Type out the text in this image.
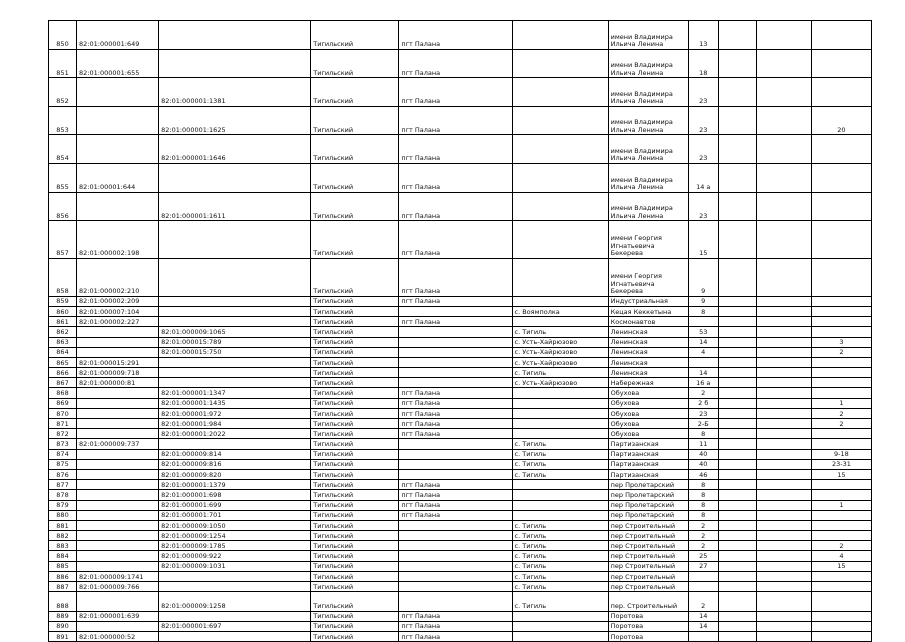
850	82:01:000001:649			Тигильский	пгт Палана		имени Владимира Ильича Ленина	13			
851	82:01:000001:655			Тигильский	пгт Палана		имени Владимира Ильича Ленина	18			
852		82:01:000001:1381		Тигильский	пгт Палана		имени Владимира Ильича Ленина	23			
853		82:01:000001:1625		Тигильский	пгт Палана		имени Владимира Ильича Ленина	23			20
854		82:01:000001:1646		Тигильский	пгт Палана		имени Владимира Ильича Ленина	23			
855	82:01:00001:644			Тигильский	пгт Палана		имени Владимира Ильича Ленина	14 а			
856		82:01:000001:1611		Тигильский	пгт Палана		имени Владимира Ильича Ленина	23			
857	82:01:000002:198			Тигильский	пгт Палана		имени Георгия Игнатьевича Бекерева	15			
858	82:01:000002:210			Тигильский	пгт Палана		имени Георгия Игнатьевича Бекерева	9			
859	82:01:000002:209			Тигильский	пгт Палана		Индустриальная	9			
860	82:01:000007:104			Тигильский		с. Воямполка	Кецая Кеккетына	8			
861	82:01:000002:227			Тигильский	пгт Палана		Космонавтов				
862		82:01:000009:1065		Тигильский		с. Тигиль	Ленинская	53			
863		82:01:000015:789		Тигильский		с. Усть-Хайрюзово	Ленинская	14			3
864		82:01:000015:750		Тигильский		с. Усть-Хайрюзово	Ленинская	4			2
865	82:01:000015:291			Тигильский		с. Усть-Хайрюзово	Ленинская				
866	82:01:000009:718			Тигильский		с. Тигиль	Ленинская	14			
867	82:01:000000:81			Тигильский		с. Усть-Хайрюзово	Набережная	16 а			
868		82:01:000001:1347		Тигильский	пгт Палана		Обухова	2			
869		82:01:000001:1435		Тигильский	пгт Палана		Обухова	2 б			1
870		82:01:000001:972		Тигильский	пгт Палана		Обухова	23			2
871		82:01:000001:984		Тигильский	пгт Палана		Обухова	2-Б			2
872		82:01:000001:2022		Тигильский	пгт Палана		Обухова	8			
873	82:01:000009:737			Тигильский		с. Тигиль	Партизанская	11			
874		82:01:000009:814		Тигильский		с. Тигиль	Партизанская	40			9-18
875		82:01:000009:816		Тигильский		с. Тигиль	Партизанская	40			23-31
876		82:01:000009:820		Тигильский		с. Тигиль	Партизанская	46			15
877		82:01:000001:1379		Тигильский	пгт Палана		пер Пролетарский	8			
878		82:01:000001:698		Тигильский	пгт Палана		пер Пролетарский	8			
879		82:01:000001:699		Тигильский	пгт Палана		пер Пролетарский	8			1
880		82:01:000001:701		Тигильский	пгт Палана		пер Пролетарский	8			
881		82:01:000009:1050		Тигильский		с. Тигиль	пер Строительный	2			
882		82:01:000009:1254		Тигильский		с. Тигиль	пер Строительный	2			
883		82:01:000009:1785		Тигильский		с. Тигиль	пер Строительный	2			2
884		82:01:000009:922		Тигильский		с. Тигиль	пер Строительный	25			4
885		82:01:000009:1031		Тигильский		с. Тигиль	пер Строительный	27			15
886	82:01:000009:1741			Тигильский		с. Тигиль	пер Строительный				
887	82:01:000009:766			Тигильский		с. Тигиль	пер Строительный				
888		82:01:000009:1258		Тигильский		с. Тигиль	пер. Строительный	2			
889	82:01:000001:639			Тигильский	пгт Палана		Поротова	14			
890		82:01:000001:697		Тигильский	пгт Палана		Поротова	14			
891	82:01:000000:52			Тигильский	пгт Палана		Поротова				
